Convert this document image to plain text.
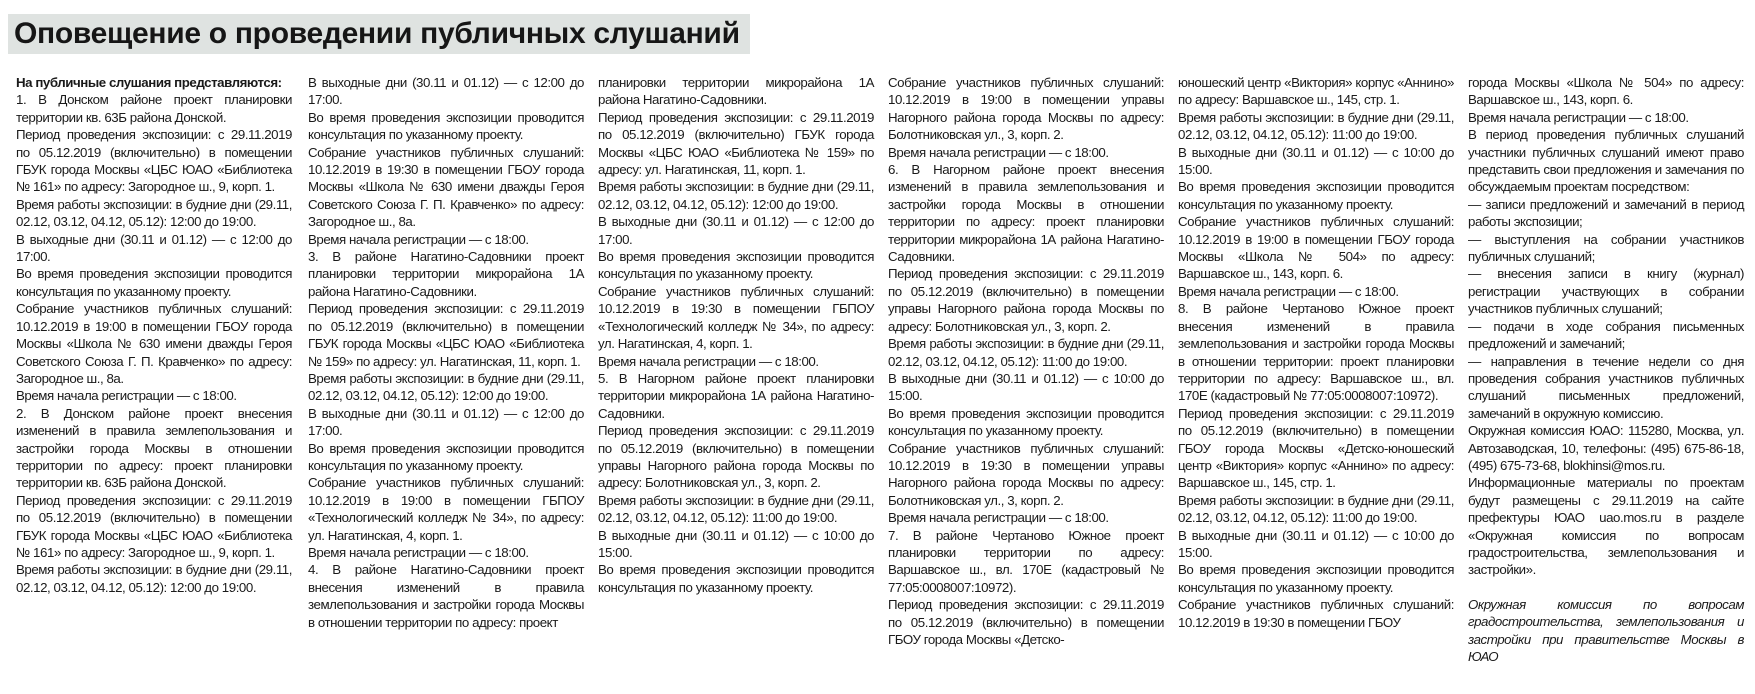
Оповещение о проведении публичных слушаний

На публичные слушания представляются:

1. В Донском районе проект планировки территории кв. 63Б района Донской.

Период проведения экспозиции: с 29.11.2019 по 05.12.2019 (включительно) в помещении ГБУК города Москвы «ЦБС ЮАО «Библиотека № 161» по адресу: Загородное ш., 9, корп. 1.

Время работы экспозиции: в будние дни (29.11, 02.12, 03.12, 04.12, 05.12): 12:00 до 19:00.

В выходные дни (30.11 и 01.12) — с 12:00 до 17:00.

Во время проведения экспозиции проводится консультация по указанному проекту.

Собрание участников публичных слушаний: 10.12.2019 в 19:00 в помещении ГБОУ города Москвы «Школа № 630 имени дважды Героя Советского Союза Г. П. Кравченко» по адресу: Загородное ш., 8а.

Время начала регистрации — с 18:00.

2. В Донском районе проект внесения изменений в правила землепользования и застройки города Москвы в отношении территории по адресу: проект планировки территории кв. 63Б района Донской.

Период проведения экспозиции: с 29.11.2019 по 05.12.2019 (включительно) в помещении ГБУК города Москвы «ЦБС ЮАО «Библиотека № 161» по адресу: Загородное ш., 9, корп. 1.

Время работы экспозиции: в будние дни (29.11, 02.12, 03.12, 04.12, 05.12): 12:00 до 19:00.

В выходные дни (30.11 и 01.12) — с 12:00 до 17:00.

Во время проведения экспозиции проводится консультация по указанному проекту.

Собрание участников публичных слушаний: 10.12.2019 в 19:30 в помещении ГБОУ города Москвы «Школа № 630 имени дважды Героя Советского Союза Г. П. Кравченко» по адресу: Загородное ш., 8а.

Время начала регистрации — с 18:00.

3. В районе Нагатино-Садовники проект планировки территории микрорайона 1А района Нагатино-Садовники.

Период проведения экспозиции: с 29.11.2019 по 05.12.2019 (включительно) в помещении ГБУК города Москвы «ЦБС ЮАО «Библиотека № 159» по адресу: ул. Нагатинская, 11, корп. 1.

Время работы экспозиции: в будние дни (29.11, 02.12, 03.12, 04.12, 05.12): 12:00 до 19:00.

В выходные дни (30.11 и 01.12) — с 12:00 до 17:00.

Во время проведения экспозиции проводится консультация по указанному проекту.

Собрание участников публичных слушаний: 10.12.2019 в 19:00 в помещении ГБПОУ «Технологический колледж № 34», по адресу: ул. Нагатинская, 4, корп. 1.

Время начала регистрации — с 18:00.

4. В районе Нагатино-Садовники проект внесения изменений в правила землепользования и застройки города Москвы в отношении территории по адресу: проект

планировки территории микрорайона 1А района Нагатино-Садовники.

Период проведения экспозиции: с 29.11.2019 по 05.12.2019 (включительно) ГБУК города Москвы «ЦБС ЮАО «Библиотека № 159» по адресу: ул. Нагатинская, 11, корп. 1.

Время работы экспозиции: в будние дни (29.11, 02.12, 03.12, 04.12, 05.12): 12:00 до 19:00.

В выходные дни (30.11 и 01.12) — с 12:00 до 17:00.

Во время проведения экспозиции проводится консультация по указанному проекту.

Собрание участников публичных слушаний: 10.12.2019 в 19:30 в помещении ГБПОУ «Технологический колледж № 34», по адресу: ул. Нагатинская, 4, корп. 1.

Время начала регистрации — с 18:00.

5. В Нагорном районе проект планировки территории микрорайона 1А района Нагатино-Садовники.

Период проведения экспозиции: с 29.11.2019 по 05.12.2019 (включительно) в помещении управы Нагорного района города Москвы по адресу: Болотниковская ул., 3, корп. 2.

Время работы экспозиции: в будние дни (29.11, 02.12, 03.12, 04.12, 05.12): 11:00 до 19:00.

В выходные дни (30.11 и 01.12) — с 10:00 до 15:00.

Во время проведения экспозиции проводится консультация по указанному проекту.

Собрание участников публичных слушаний: 10.12.2019 в 19:00 в помещении управы Нагорного района города Москвы по адресу: Болотниковская ул., 3, корп. 2.

Время начала регистрации — с 18:00.

6. В Нагорном районе проект внесения изменений в правила землепользования и застройки города Москвы в отношении территории по адресу: проект планировки территории микрорайона 1А района Нагатино-Садовники.

Период проведения экспозиции: с 29.11.2019 по 05.12.2019 (включительно) в помещении управы Нагорного района города Москвы по адресу: Болотниковская ул., 3, корп. 2.

Время работы экспозиции: в будние дни (29.11, 02.12, 03.12, 04.12, 05.12): 11:00 до 19:00.

В выходные дни (30.11 и 01.12) — с 10:00 до 15:00.

Во время проведения экспозиции проводится консультация по указанному проекту.

Собрание участников публичных слушаний: 10.12.2019 в 19:30 в помещении управы Нагорного района города Москвы по адресу: Болотниковская ул., 3, корп. 2.

Время начала регистрации — с 18:00.

7. В районе Чертаново Южное проект планировки территории по адресу: Варшавское ш., вл. 170Е (кадастровый № 77:05:0008007:10972).

Период проведения экспозиции: с 29.11.2019 по 05.12.2019 (включительно) в помещении ГБОУ города Москвы «Детско-

юношеский центр «Виктория» корпус «Аннино» по адресу: Варшавское ш., 145, стр. 1.

Время работы экспозиции: в будние дни (29.11, 02.12, 03.12, 04.12, 05.12): 11:00 до 19:00.

В выходные дни (30.11 и 01.12) — с 10:00 до 15:00.

Во время проведения экспозиции проводится консультация по указанному проекту.

Собрание участников публичных слушаний: 10.12.2019 в 19:00 в помещении ГБОУ города Москвы «Школа № 504» по адресу: Варшавское ш., 143, корп. 6.

Время начала регистрации — с 18:00.

8. В районе Чертаново Южное проект внесения изменений в правила землепользования и застройки города Москвы в отношении территории: проект планировки территории по адресу: Варшавское ш., вл. 170Е (кадастровый № 77:05:0008007:10972).

Период проведения экспозиции: с 29.11.2019 по 05.12.2019 (включительно) в помещении ГБОУ города Москвы «Детско-юношеский центр «Виктория» корпус «Аннино» по адресу: Варшавское ш., 145, стр. 1.

Время работы экспозиции: в будние дни (29.11, 02.12, 03.12, 04.12, 05.12): 11:00 до 19:00.

В выходные дни (30.11 и 01.12) — с 10:00 до 15:00.

Во время проведения экспозиции проводится консультация по указанному проекту.

Собрание участников публичных слушаний: 10.12.2019 в 19:30 в помещении ГБОУ

города Москвы «Школа № 504» по адресу: Варшавское ш., 143, корп. 6.

Время начала регистрации — с 18:00.

В период проведения публичных слушаний участники публичных слушаний имеют право представить свои предложения и замечания по обсуждаемым проектам посредством:

— записи предложений и замечаний в период работы экспозиции;

— выступления на собрании участников публичных слушаний;

— внесения записи в книгу (журнал) регистрации участвующих в собрании участников публичных слушаний;

— подачи в ходе собрания письменных предложений и замечаний;

— направления в течение недели со дня проведения собрания участников публичных слушаний письменных предложений, замечаний в окружную комиссию.

Окружная комиссия ЮАО: 115280, Москва, ул. Автозаводская, 10, телефоны: (495) 675-86-18, (495) 675-73-68, blokhinsi@mos.ru.

Информационные материалы по проектам будут размещены с 29.11.2019 на сайте префектуры ЮАО uao.mos.ru в разделе «Окружная комиссия по вопросам градостроительства, землепользования и застройки».

Окружная комиссия по вопросам градостроительства, землепользования и застройки при правительстве Москвы в ЮАО
